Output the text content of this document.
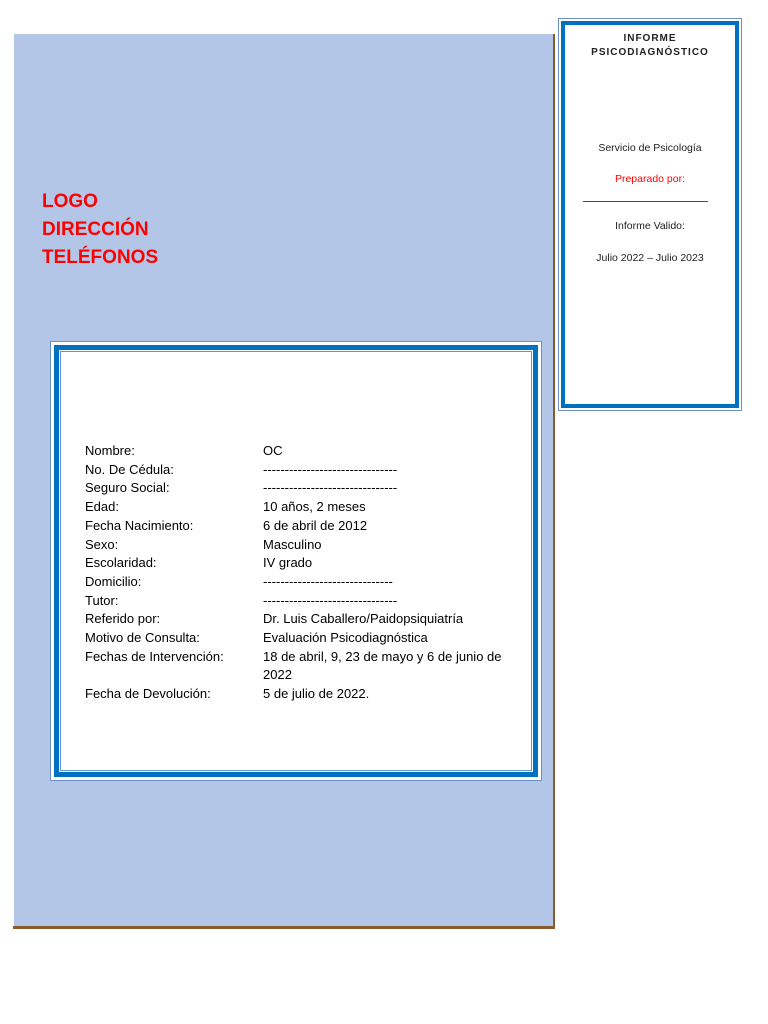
LOGO
DIRECCIÓN
TELÉFONOS
Nombre:	OC
No. De Cédula:	-------------------------------
Seguro Social:	-------------------------------
Edad:	10 años, 2 meses
Fecha Nacimiento:	6 de abril de 2012
Sexo:	Masculino
Escolaridad:	IV grado
Domicilio:	------------------------------
Tutor:	-------------------------------
Referido por:	Dr. Luis Caballero/Paidopsiquiatría
Motivo de Consulta:	Evaluación Psicodiagnóstica
Fechas de Intervención:	18 de abril, 9, 23 de mayo y 6 de junio de 2022
Fecha de Devolución:	5 de julio de 2022.
INFORME
PSICODIAGNÓSTICO
Servicio de Psicología
Preparado por:
Informe Valido:
Julio 2022 – Julio 2023
